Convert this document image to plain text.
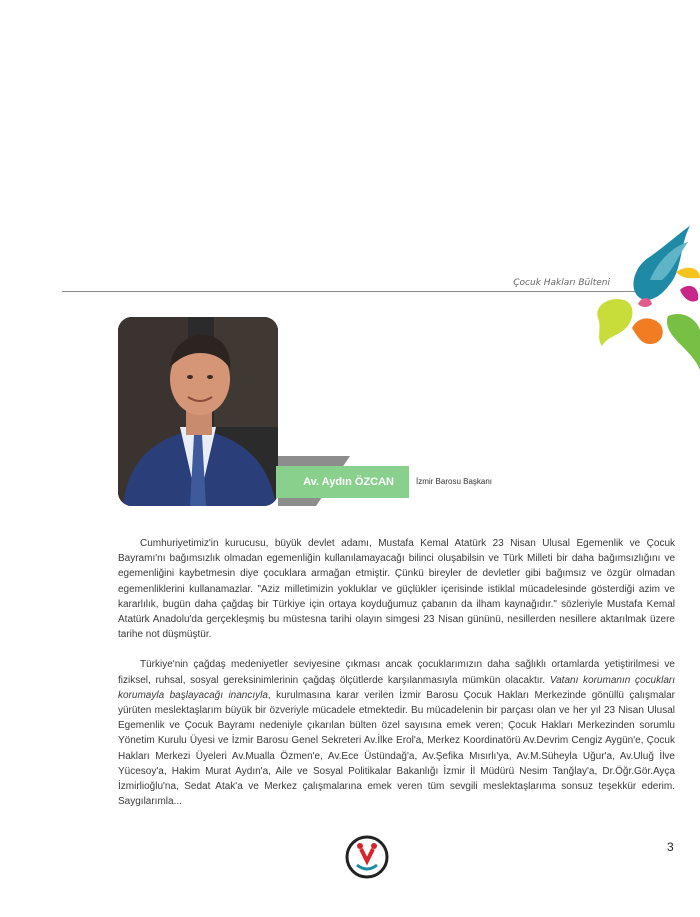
Çocuk Hakları Bülteni
Av. Aydın ÖZCAN	İzmir Barosu Başkanı

Cumhuriyetimiz'in kurucusu, büyük devlet adamı, Mustafa Kemal Atatürk 23 Nisan Ulusal Egemenlik ve Çocuk Bayramı'nı bağımsızlık olmadan egemenliğin kullanılamayacağı bilinci oluşabilsin ve Türk Milleti bir daha bağımsızlığını ve egemenliğini kaybetmesin diye çocuklara armağan etmiştir. Çünkü bireyler de devletler gibi bağımsız ve özgür olmadan egemenliklerini kullanamazlar. "Aziz milletimizin yokluklar ve güçlükler içerisinde istiklal mücadelesinde gösterdiği azim ve kararlılık, bugün daha çağdaş bir Türkiye için ortaya koyduğumuz çabanın da ilham kaynağıdır." sözleriyle Mustafa Kemal Atatürk Anadolu'da gerçekleşmiş bu müstesna tarihi olayın simgesi 23 Nisan gününü, nesillerden nesillere aktarılmak üzere tarihe not düşmüştür.

Türkiye'nin çağdaş medeniyetler seviyesine çıkması ancak çocuklarımızın daha sağlıklı ortamlarda yetiştirilmesi ve fiziksel, ruhsal, sosyal gereksinimlerinin çağdaş ölçütlerde karşılanmasıyla mümkün olacaktır. Vatanı korumanın çocukları korumayla başlayacağı inancıyla, kurulmasına karar verilen İzmir Barosu Çocuk Hakları Merkezinde gönüllü çalışmalar yürüten meslektaşlarım büyük bir özveriyle mücadele etmektedir. Bu mücadelenin bir parçası olan ve her yıl 23 Nisan Ulusal Egemenlik ve Çocuk Bayramı nedeniyle çıkarılan bülten özel sayısına emek veren; Çocuk Hakları Merkezinden sorumlu Yönetim Kurulu Üyesi ve İzmir Barosu Genel Sekreteri Av.İlke Erol'a, Merkez Koordinatörü Av.Devrim Cengiz Aygün'e, Çocuk Hakları Merkezi Üyeleri Av.Mualla Özmen'e, Av.Ece Üstündağ'a, Av.Şefika Mısırlı'ya, Av.M.Süheyla Uğur'a, Av.Uluğ İlve Yücesoy'a, Hakim Murat Aydın'a, Aile ve Sosyal Politikalar Bakanlığı İzmir İl Müdürü Nesim Tanğlay'a, Dr.Öğr.Gör.Ayça İzmirlioğlu'na, Sedat Atak'a ve Merkez çalışmalarına emek veren tüm sevgili meslektaşlarıma sonsuz teşekkür ederim. Saygılarımla...

3
